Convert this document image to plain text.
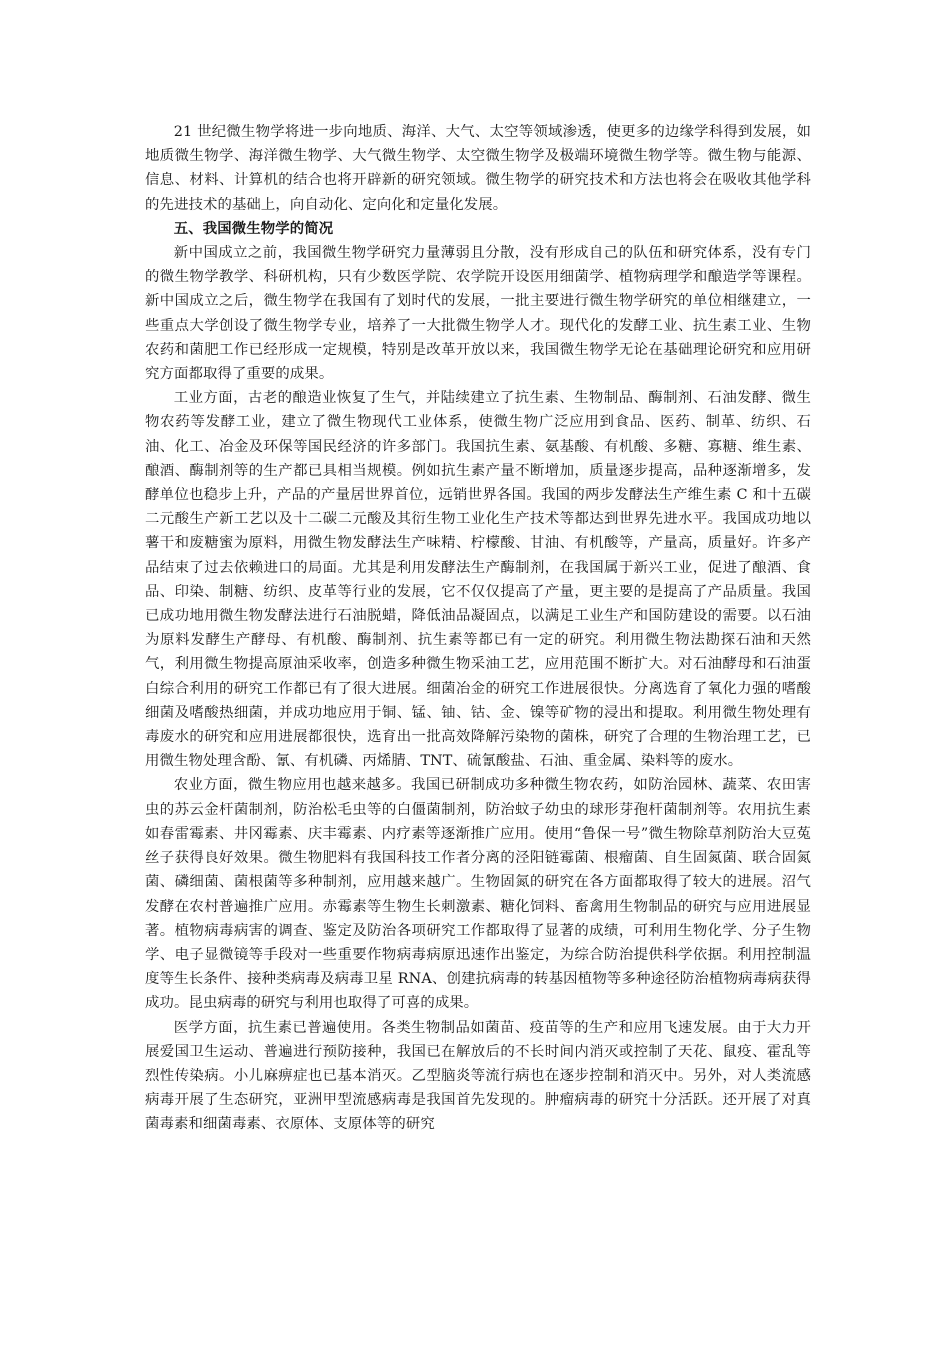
21 世纪微生物学将进一步向地质、海洋、大气、太空等领域渗透，使更多的边缘学科得到发展，如地质微生物学、海洋微生物学、大气微生物学、太空微生物学及极端环境微生物学等。微生物与能源、信息、材料、计算机的结合也将开辟新的研究领域。微生物学的研究技术和方法也将会在吸收其他学科的先进技术的基础上，向自动化、定向化和定量化发展。

五、我国微生物学的简况

新中国成立之前，我国微生物学研究力量薄弱且分散，没有形成自己的队伍和研究体系，没有专门的微生物学教学、科研机构，只有少数医学院、农学院开设医用细菌学、植物病理学和酿造学等课程。新中国成立之后，微生物学在我国有了划时代的发展，一批主要进行微生物学研究的单位相继建立，一些重点大学创设了微生物学专业，培养了一大批微生物学人才。现代化的发酵工业、抗生素工业、生物农药和菌肥工作已经形成一定规模，特别是改革开放以来，我国微生物学无论在基础理论研究和应用研究方面都取得了重要的成果。

工业方面，古老的酿造业恢复了生气，并陆续建立了抗生素、生物制品、酶制剂、石油发酵、微生物农药等发酵工业，建立了微生物现代工业体系，使微生物广泛应用到食品、医药、制革、纺织、石油、化工、冶金及环保等国民经济的许多部门。我国抗生素、氨基酸、有机酸、多糖、寡糖、维生素、酿酒、酶制剂等的生产都已具相当规模。例如抗生素产量不断增加，质量逐步提高，品种逐渐增多，发酵单位也稳步上升，产品的产量居世界首位，远销世界各国。我国的两步发酵法生产维生素 C 和十五碳二元酸生产新工艺以及十二碳二元酸及其衍生物工业化生产技术等都达到世界先进水平。我国成功地以薯干和废糖蜜为原料，用微生物发酵法生产味精、柠檬酸、甘油、有机酸等，产量高，质量好。许多产品结束了过去依赖进口的局面。尤其是利用发酵法生产酶制剂，在我国属于新兴工业，促进了酿酒、食品、印染、制糖、纺织、皮革等行业的发展，它不仅仅提高了产量，更主要的是提高了产品质量。我国已成功地用微生物发酵法进行石油脱蜡，降低油品凝固点，以满足工业生产和国防建设的需要。以石油为原料发酵生产酵母、有机酸、酶制剂、抗生素等都已有一定的研究。利用微生物法勘探石油和天然气，利用微生物提高原油采收率，创造多种微生物采油工艺，应用范围不断扩大。对石油酵母和石油蛋白综合利用的研究工作都已有了很大进展。细菌冶金的研究工作进展很快。分离选育了氧化力强的嗜酸细菌及嗜酸热细菌，并成功地应用于铜、锰、铀、钴、金、镍等矿物的浸出和提取。利用微生物处理有毒废水的研究和应用进展都很快，选育出一批高效降解污染物的菌株，研究了合理的生物治理工艺，已用微生物处理含酚、氰、有机磷、丙烯腈、TNT、硫氰酸盐、石油、重金属、染料等的废水。

农业方面，微生物应用也越来越多。我国已研制成功多种微生物农药，如防治园林、蔬菜、农田害虫的苏云金杆菌制剂，防治松毛虫等的白僵菌制剂，防治蚊子幼虫的球形芽孢杆菌制剂等。农用抗生素如春雷霉素、井冈霉素、庆丰霉素、内疗素等逐渐推广应用。使用“鲁保一号”微生物除草剂防治大豆菟丝子获得良好效果。微生物肥料有我国科技工作者分离的泾阳链霉菌、根瘤菌、自生固氮菌、联合固氮菌、磷细菌、菌根菌等多种制剂，应用越来越广。生物固氮的研究在各方面都取得了较大的进展。沼气发酵在农村普遍推广应用。赤霉素等生物生长刺激素、糖化饲料、畜禽用生物制品的研究与应用进展显著。植物病毒病害的调查、鉴定及防治各项研究工作都取得了显著的成绩，可利用生物化学、分子生物学、电子显微镜等手段对一些重要作物病毒病原迅速作出鉴定，为综合防治提供科学依据。利用控制温度等生长条件、接种类病毒及病毒卫星 RNA、创建抗病毒的转基因植物等多种途径防治植物病毒病获得成功。昆虫病毒的研究与利用也取得了可喜的成果。

医学方面，抗生素已普遍使用。各类生物制品如菌苗、疫苗等的生产和应用飞速发展。由于大力开展爱国卫生运动、普遍进行预防接种，我国已在解放后的不长时间内消灭或控制了天花、鼠疫、霍乱等烈性传染病。小儿麻痹症也已基本消灭。乙型脑炎等流行病也在逐步控制和消灭中。另外，对人类流感病毒开展了生态研究，亚洲甲型流感病毒是我国首先发现的。肿瘤病毒的研究十分活跃。还开展了对真菌毒素和细菌毒素、衣原体、支原体等的研究
